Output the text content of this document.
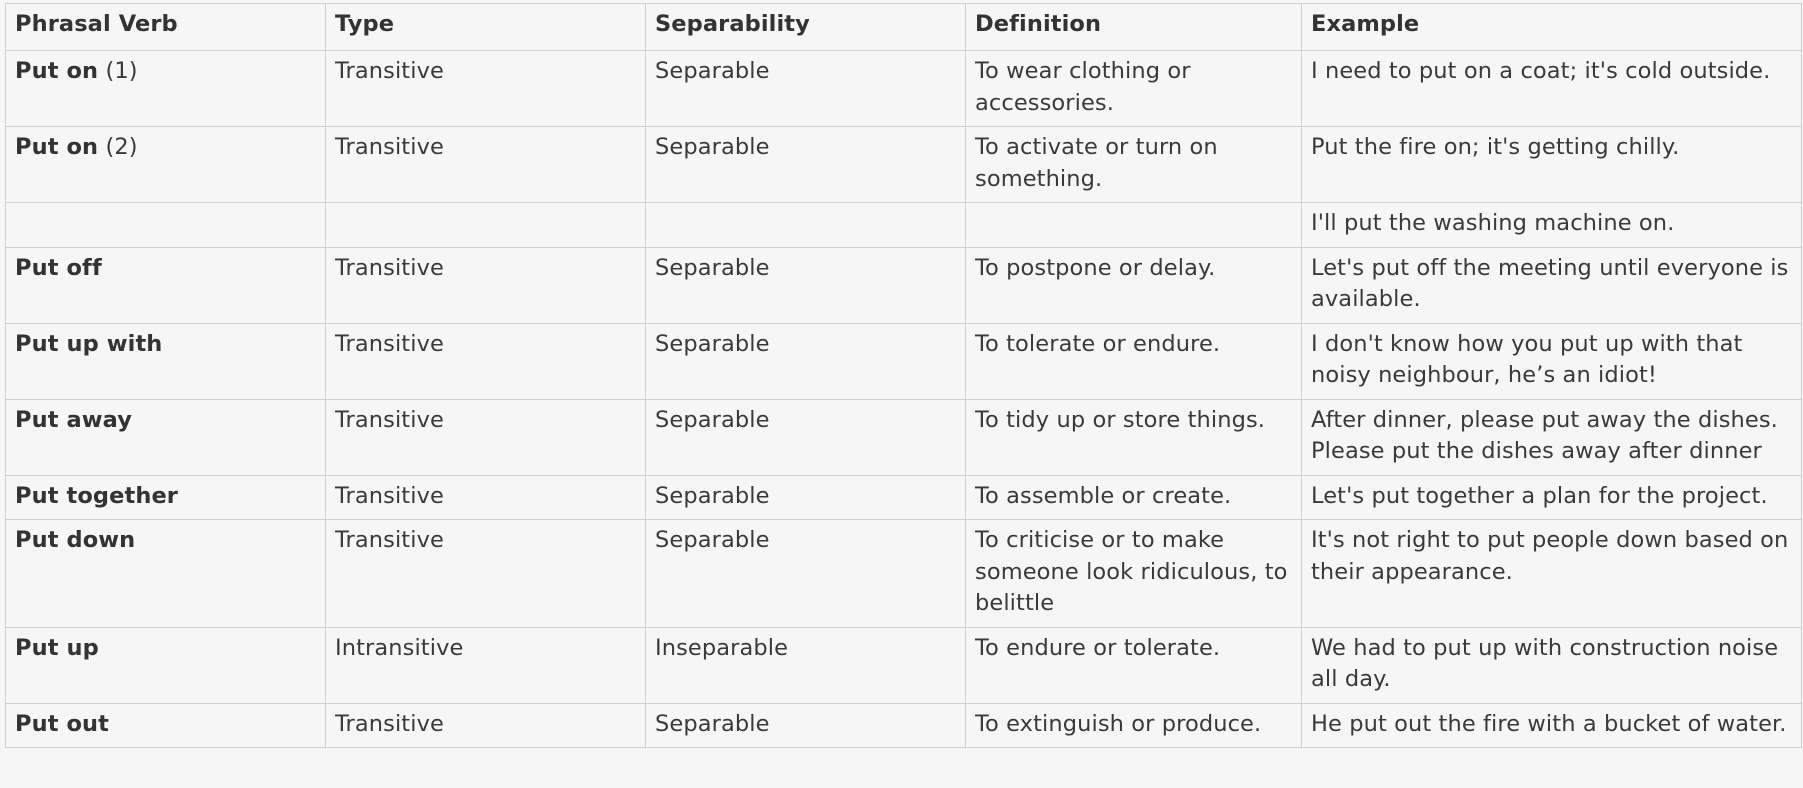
Phrasal Verb	Type	Separability	Definition	Example
Put on (1)	Transitive	Separable	To wear clothing or accessories.	I need to put on a coat; it's cold outside.
Put on (2)	Transitive	Separable	To activate or turn on something.	Put the fire on; it's getting chilly.
				I'll put the washing machine on.
Put off	Transitive	Separable	To postpone or delay.	Let's put off the meeting until everyone is available.
Put up with	Transitive	Separable	To tolerate or endure.	I don't know how you put up with that noisy neighbour, he’s an idiot!
Put away	Transitive	Separable	To tidy up or store things.	After dinner, please put away the dishes. Please put the dishes away after dinner
Put together	Transitive	Separable	To assemble or create.	Let's put together a plan for the project.
Put down	Transitive	Separable	To criticise or to make someone look ridiculous, to belittle	It's not right to put people down based on their appearance.
Put up	Intransitive	Inseparable	To endure or tolerate.	We had to put up with construction noise all day.
Put out	Transitive	Separable	To extinguish or produce.	He put out the fire with a bucket of water.
